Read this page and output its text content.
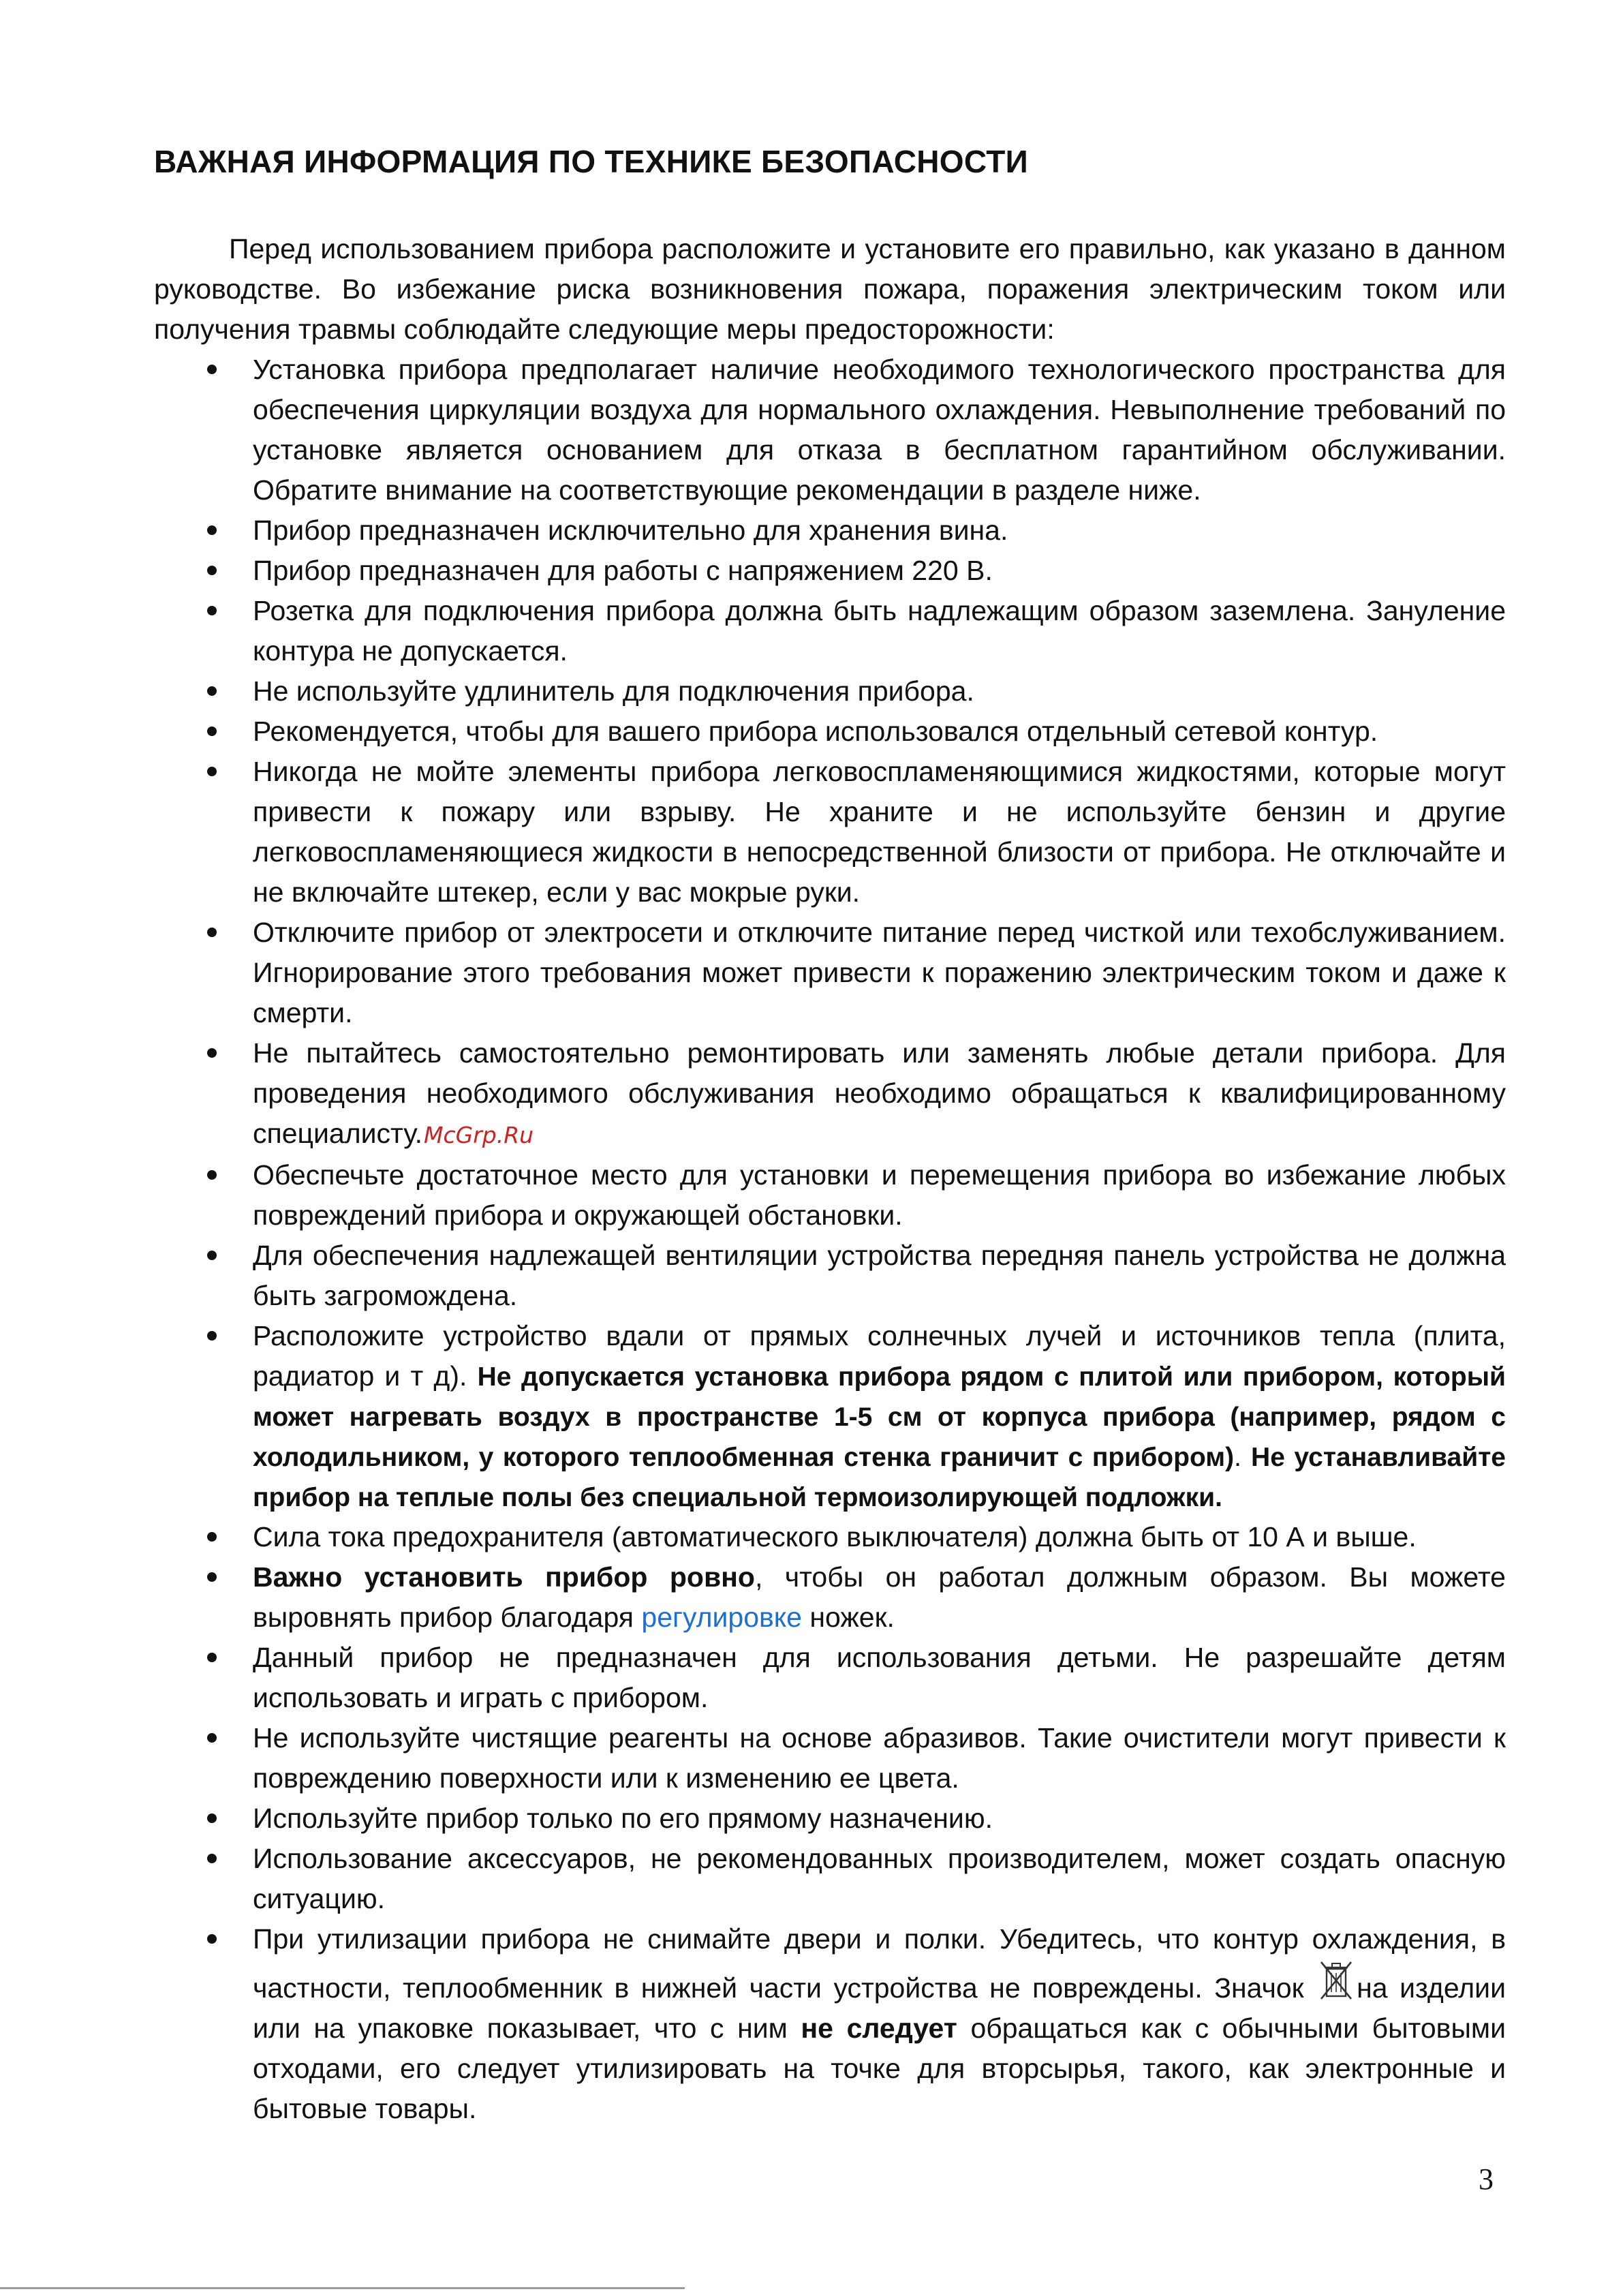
ВАЖНАЯ ИНФОРМАЦИЯ ПО ТЕХНИКЕ БЕЗОПАСНОСТИ

Перед использованием прибора расположите и установите его правильно, как указано в данном руководстве. Во избежание риска возникновения пожара, поражения электрическим током или получения травмы соблюдайте следующие меры предосторожности:

Установка прибора предполагает наличие необходимого технологического пространства для обеспечения циркуляции воздуха для нормального охлаждения. Невыполнение требований по установке является основанием для отказа в бесплатном гарантийном обслуживании. Обратите внимание на соответствующие рекомендации в разделе ниже.
Прибор предназначен исключительно для хранения вина.
Прибор предназначен для работы с напряжением 220 В.
Розетка для подключения прибора должна быть надлежащим образом заземлена. Зануление контура не допускается.
Не используйте удлинитель для подключения прибора.
Рекомендуется, чтобы для вашего прибора использовался отдельный сетевой контур.
Никогда не мойте элементы прибора легковоспламеняющимися жидкостями, которые могут привести к пожару или взрыву. Не храните и не используйте бензин и другие легковоспламеняющиеся жидкости в непосредственной близости от прибора. Не отключайте и не включайте штекер, если у вас мокрые руки.
Отключите прибор от электросети и отключите питание перед чисткой или техобслуживанием. Игнорирование этого требования может привести к поражению электрическим током и даже к смерти.
Не пытайтесь самостоятельно ремонтировать или заменять любые детали прибора. Для проведения необходимого обслуживания необходимо обращаться к квалифицированному специалисту.McGrp.Ru
Обеспечьте достаточное место для установки и перемещения прибора во избежание любых повреждений прибора и окружающей обстановки.
Для обеспечения надлежащей вентиляции устройства передняя панель устройства не должна быть загромождена.
Расположите устройство вдали от прямых солнечных лучей и источников тепла (плита, радиатор и т д). Не допускается установка прибора рядом с плитой или прибором, который может нагревать воздух в пространстве 1-5 см от корпуса прибора (например, рядом с холодильником, у которого теплообменная стенка граничит с прибором). Не устанавливайте прибор на теплые полы без специальной термоизолирующей подложки.
Сила тока предохранителя (автоматического выключателя) должна быть от 10 А и выше.
Важно установить прибор ровно, чтобы он работал должным образом. Вы можете выровнять прибор благодаря регулировке ножек.
Данный прибор не предназначен для использования детьми. Не разрешайте детям использовать и играть с прибором.
Не используйте чистящие реагенты на основе абразивов. Такие очистители могут привести к повреждению поверхности или к изменению ее цвета.
Используйте прибор только по его прямому назначению.
Использование аксессуаров, не рекомендованных производителем, может создать опасную ситуацию.
При утилизации прибора не снимайте двери и полки. Убедитесь, что контур охлаждения, в частности, теплообменник в нижней части устройства не повреждены. Значок на изделии или на упаковке показывает, что с ним не следует обращаться как с обычными бытовыми отходами, его следует утилизировать на точке для вторсырья, такого, как электронные и бытовые товары.
3
